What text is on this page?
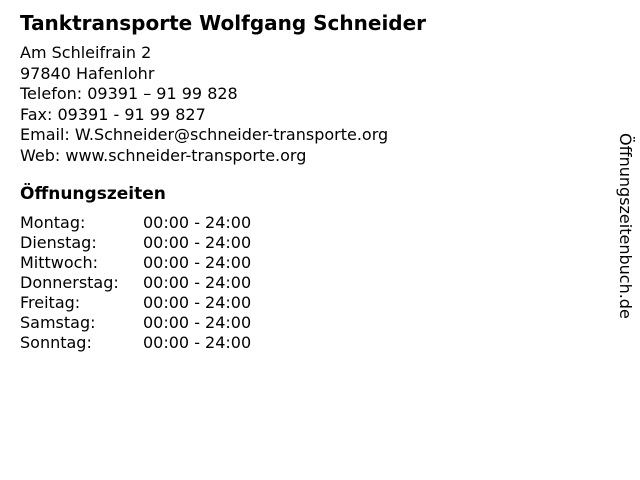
Tanktransporte Wolfgang Schneider
Am Schleifrain 2
97840 Hafenlohr
Telefon: 09391 – 91 99 828
Fax: 09391 - 91 99 827
Email: W.Schneider@schneider-transporte.org
Web: www.schneider-transporte.org
Öffnungszeiten
Montag:	00:00 - 24:00
Dienstag:	00:00 - 24:00
Mittwoch:	00:00 - 24:00
Donnerstag: 00:00 - 24:00
Freitag:	00:00 - 24:00
Samstag:	00:00 - 24:00
Sonntag:	00:00 - 24:00
Öffnungszeitenbuch.de
